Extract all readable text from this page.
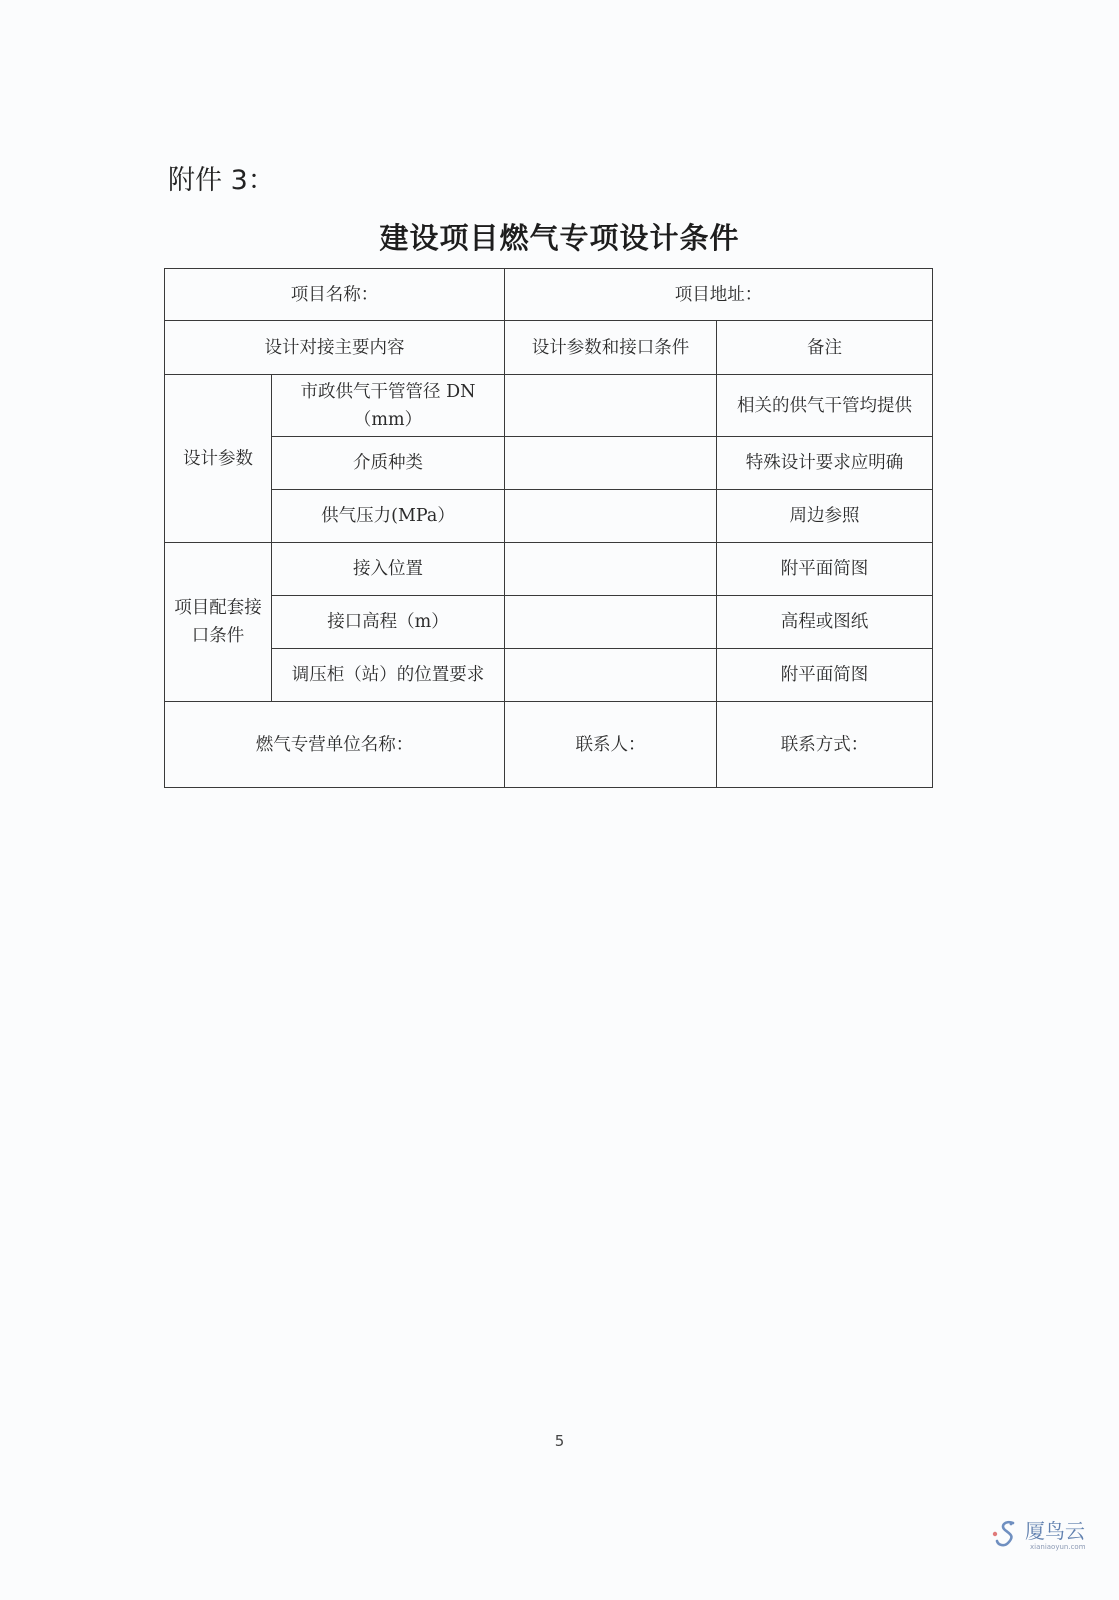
附件 3：
建设项目燃气专项设计条件
项目名称：		项目地址：	
设计对接主要内容		设计参数和接口条件	备注
设计参数	市政供气干管管径 DN（mm）		相关的供气干管均提供
	介质种类		特殊设计要求应明确
	供气压力(MPa）		周边参照
项目配套接口条件	接入位置		附平面简图
	接口高程（m）		高程或图纸
	调压柜（站）的位置要求		附平面简图
燃气专营单位名称：		联系人：	联系方式：
5
厦鸟云
xianiaoyun.com
